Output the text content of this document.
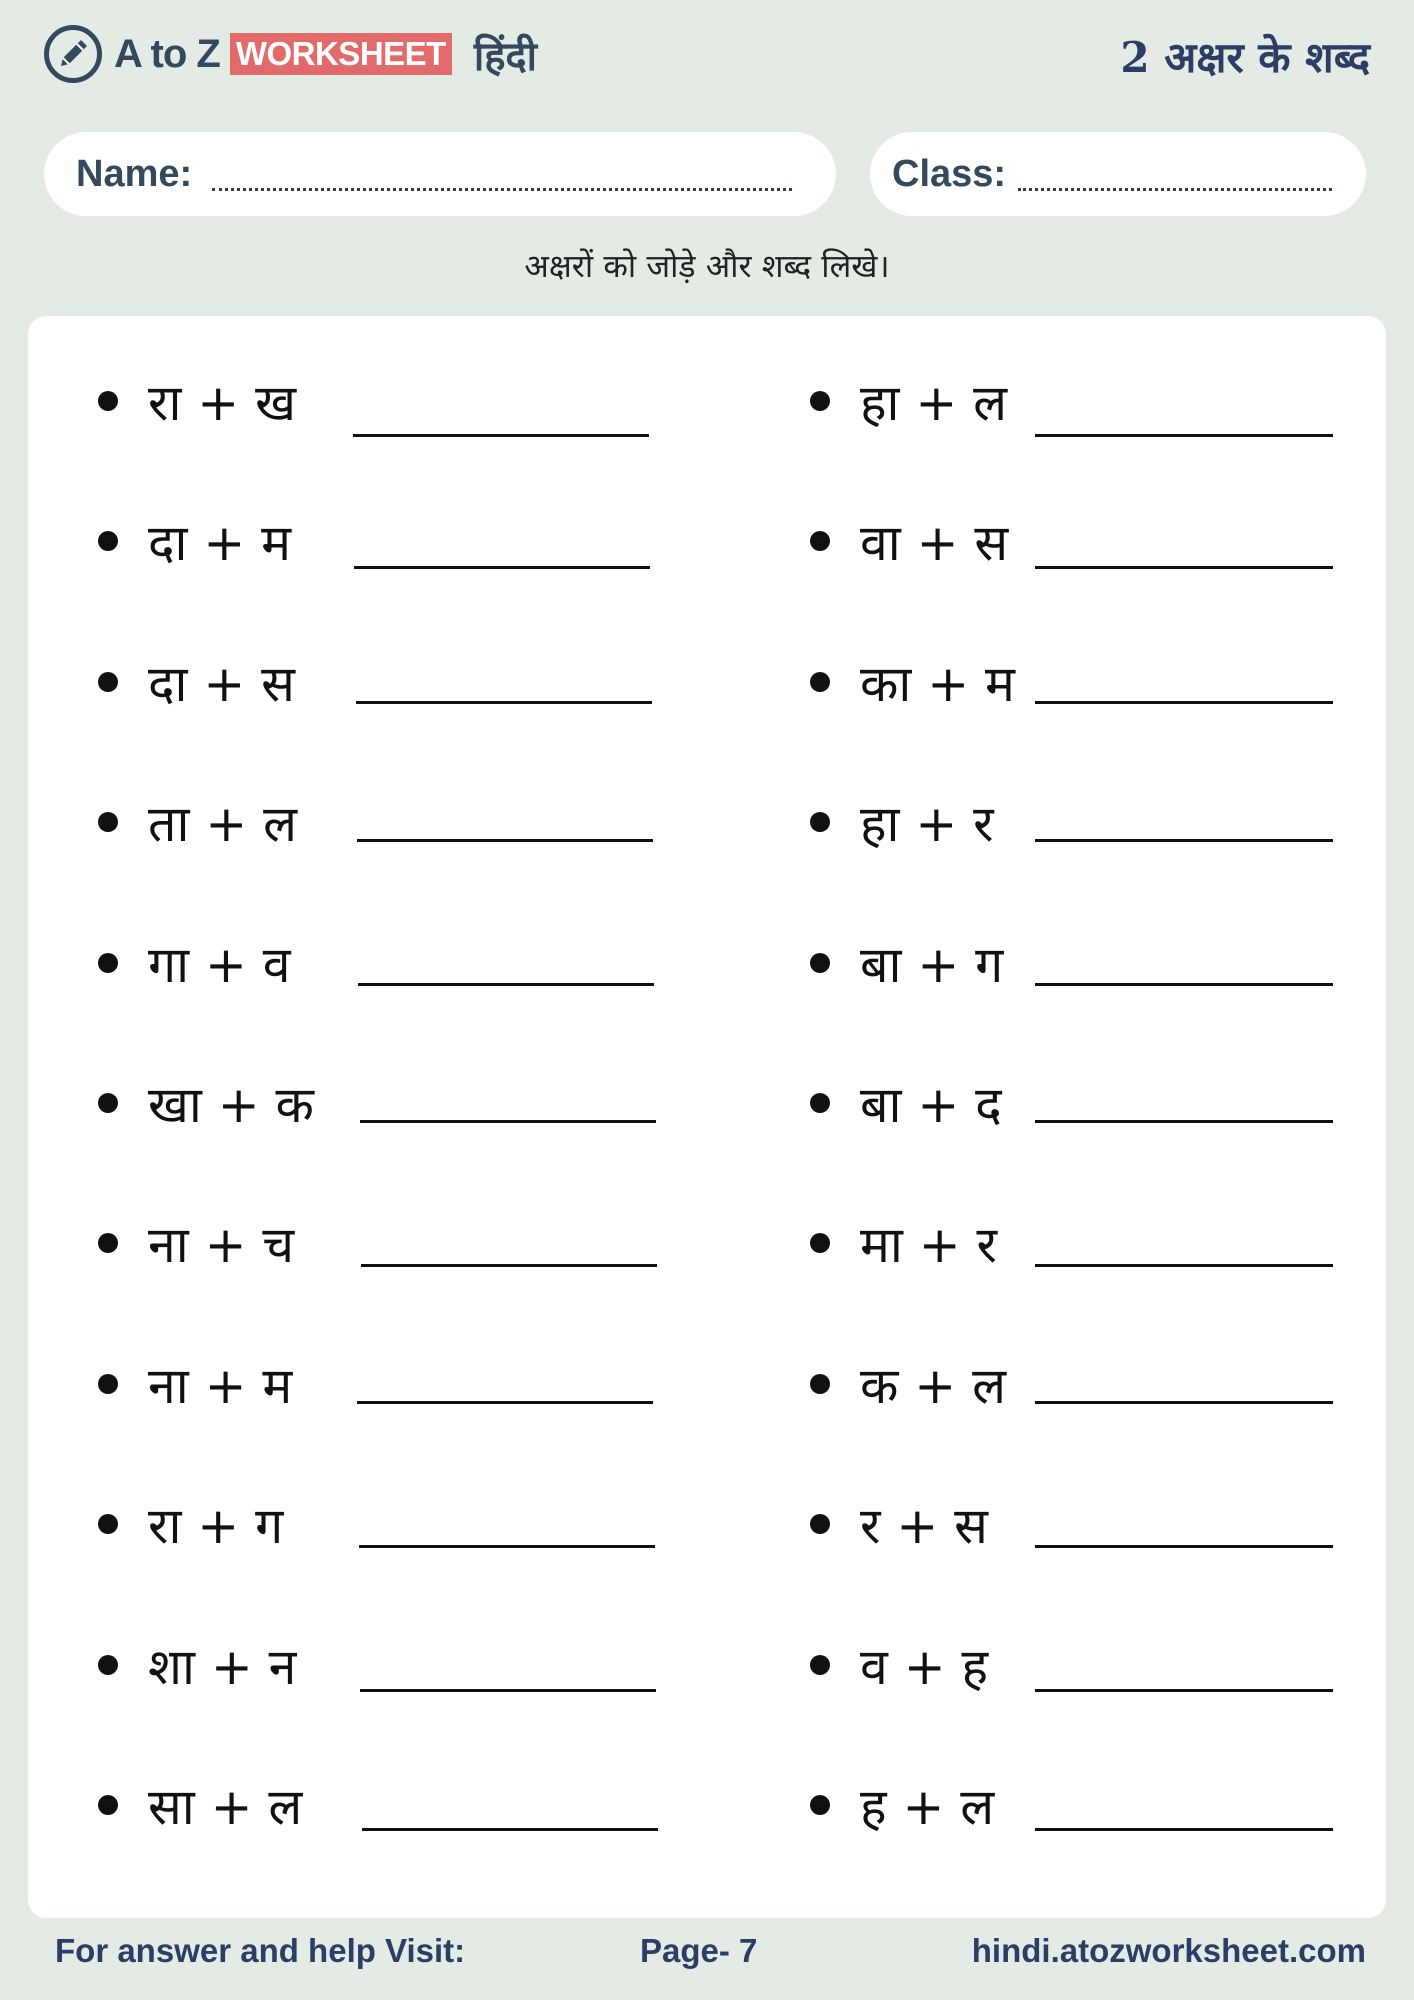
A to Z WORKSHEET हिंदी	2 अक्षर के शब्द
Name:	Class:
अक्षरों को जोड़े और शब्द लिखे।
रा + ख
दा + म
दा + स
ता + ल
गा + व
खा + क
ना + च
ना + म
रा + ग
शा + न
सा + ल
हा + ल
वा + स
का + म
हा + र
बा + ग
बा + द
मा + र
क + ल
र + स
व + ह
ह + ल
For answer and help Visit:	Page- 7	hindi.atozworksheet.com
